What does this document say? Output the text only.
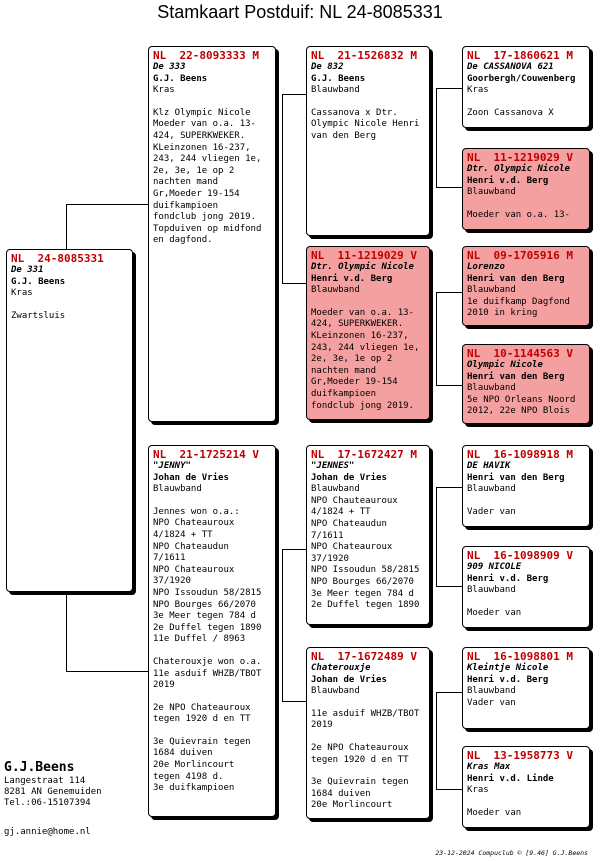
Stamkaart Postduif: NL 24-8085331
NL  24-8085331
De 331
G.J. Beens
Kras
Zwartsluis
NL  22-8093333 M
De 333
G.J. Beens
Kras
Klz Olympic Nicole
Moeder van o.a. 13-
424, SUPERKWEKER.
KLeinzonen 16-237,
243, 244 vliegen 1e,
2e, 3e, 1e op 2
nachten mand
Gr,Moeder 19-154
duifkampioen
fondclub jong 2019.
Topduiven op midfond
en dagfond.
NL  21-1725214 V
"JENNY"
Johan de Vries
Blauwband
Jennes won o.a.:
NPO Chateauroux
4/1824 + TT
NPO Chateaudun
7/1611
NPO Chateauroux
37/1920
NPO Issoudun 58/2815
NPO Bourges 66/2070
3e Meer tegen 784 d
2e Duffel tegen 1890
11e Duffel / 8963
Chaterouxje won o.a.
11e asduif WHZB/TBOT
2019
2e NPO Chateauroux
tegen 1920 d en TT
3e Quievrain tegen
1684 duiven
20e Morlincourt
tegen 4198 d.
3e duifkampioen
NL  21-1526832 M
De 832
G.J. Beens
Blauwband
Cassanova x Dtr.
Olympic Nicole Henri
van den Berg
NL  11-1219029 V
Dtr. Olympic Nicole
Henri v.d. Berg
Blauwband
Moeder van o.a. 13-
424, SUPERKWEKER.
KLeinzonen 16-237,
243, 244 vliegen 1e,
2e, 3e, 1e op 2
nachten mand
Gr,Moeder 19-154
duifkampioen
fondclub jong 2019.
NL  17-1672427 M
"JENNES"
Johan de Vries
Blauwband
NPO Chauteauroux
4/1824 + TT
NPO Chateaudun
7/1611
NPO Chateauroux
37/1920
NPO Issoudun 58/2815
NPO Bourges 66/2070
3e Meer tegen 784 d
2e Duffel tegen 1890
NL  17-1672489 V
Chaterouxje
Johan de Vries
Blauwband
11e asduif WHZB/TBOT
2019
2e NPO Chateauroux
tegen 1920 d en TT
3e Quievrain tegen
1684 duiven
20e Morlincourt
NL  17-1860621 M
De CASSANOVA 621
Goorbergh/Couwenberg
Kras
Zoon Cassanova X
NL  11-1219029 V
Dtr. Olympic Nicole
Henri v.d. Berg
Blauwband
Moeder van o.a. 13-
NL  09-1705916 M
Lorenzo
Henri van den Berg
Blauwband
1e duifkamp Dagfond
2010 in kring
NL  10-1144563 V
Olympic Nicole
Henri van den Berg
Blauwband
5e NPO Orleans Noord
2012, 22e NPO Blois
NL  16-1098918 M
DE HAVIK
Henri van den Berg
Blauwband
Vader van
NL  16-1098909 V
909 NICOLE
Henri v.d. Berg
Blauwband
Moeder van
NL  16-1098801 M
Kleintje Nicole
Henri v.d. Berg
Blauwband
Vader van
NL  13-1958773 V
Kras Max
Henri v.d. Linde
Kras
Moeder van
G.J.Beens
Langestraat 114
8281 AN Genemuiden
Tel.:06-15107394
gj.annie@home.nl
23-12-2024 Compuclub © [9.46] G.J.Beens
